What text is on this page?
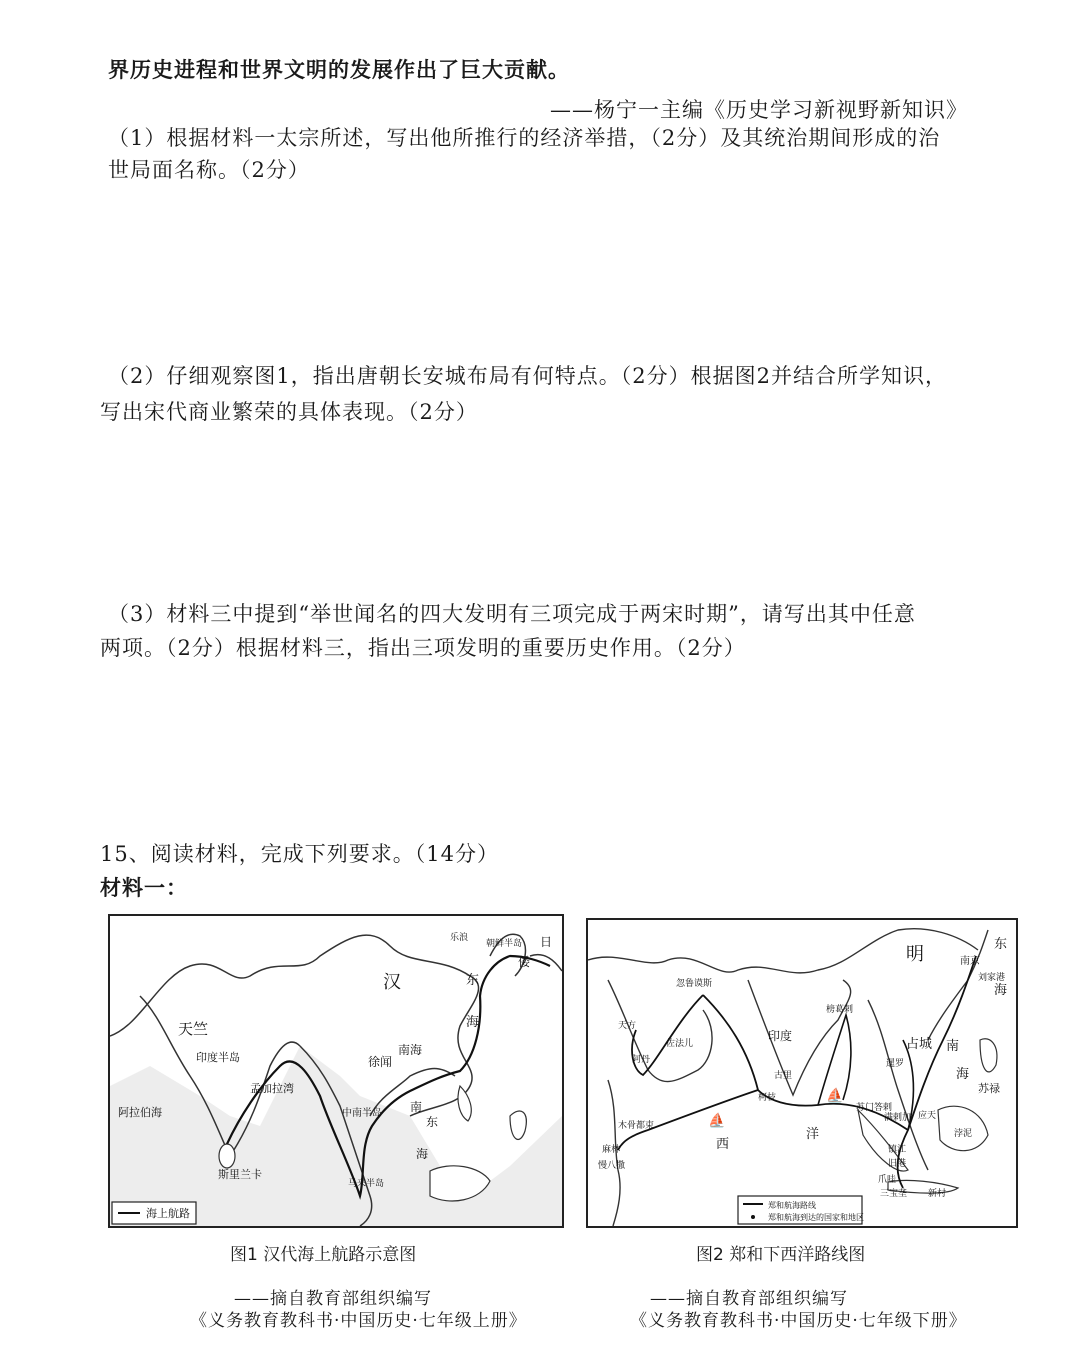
界历史进程和世界文明的发展作出了巨大贡献。
——杨宁一主编《历史学习新视野新知识》
（1）根据材料一太宗所述，写出他所推行的经济举措，（2分）及其统治期间形成的治
世局面名称。（2分）
（2）仔细观察图1，指出唐朝长安城布局有何特点。（2分）根据图2并结合所学知识，
写出宋代商业繁荣的具体表现。（2分）
（3）材料三中提到“举世闻名的四大发明有三项完成于两宋时期”，请写出其中任意
两项。（2分）根据材料三，指出三项发明的重要历史作用。（2分）
15、阅读材料，完成下列要求。（14分）
材料一：
汉
天竺
东
海
南海
徐闻
中南半岛 南
东
海
印度半岛
孟加拉湾
阿拉伯海
斯里兰卡
朝鲜半岛
倭
日
乐浪
马来半岛
海上航路
⛵
⛵
明	南京
刘家港
东
海
忽鲁谟斯
天方
佐法儿
阿丹
印度
榜葛剌
古里
柯枝
木骨都束
麻林
慢八撒
西
洋
暹罗
占城 南
海
苏禄
浡泥
满剌加
旧港
爪哇
三宝垄 新村
苏门答剌
应天
镇江
郑和航海路线
郑和航海到达的国家和地区
图1 汉代海上航路示意图	图2 郑和下西洋路线图
——摘自教育部组织编写
《义务教育教科书·中国历史·七年级上册》
——摘自教育部组织编写
《义务教育教科书·中国历史·七年级下册》
